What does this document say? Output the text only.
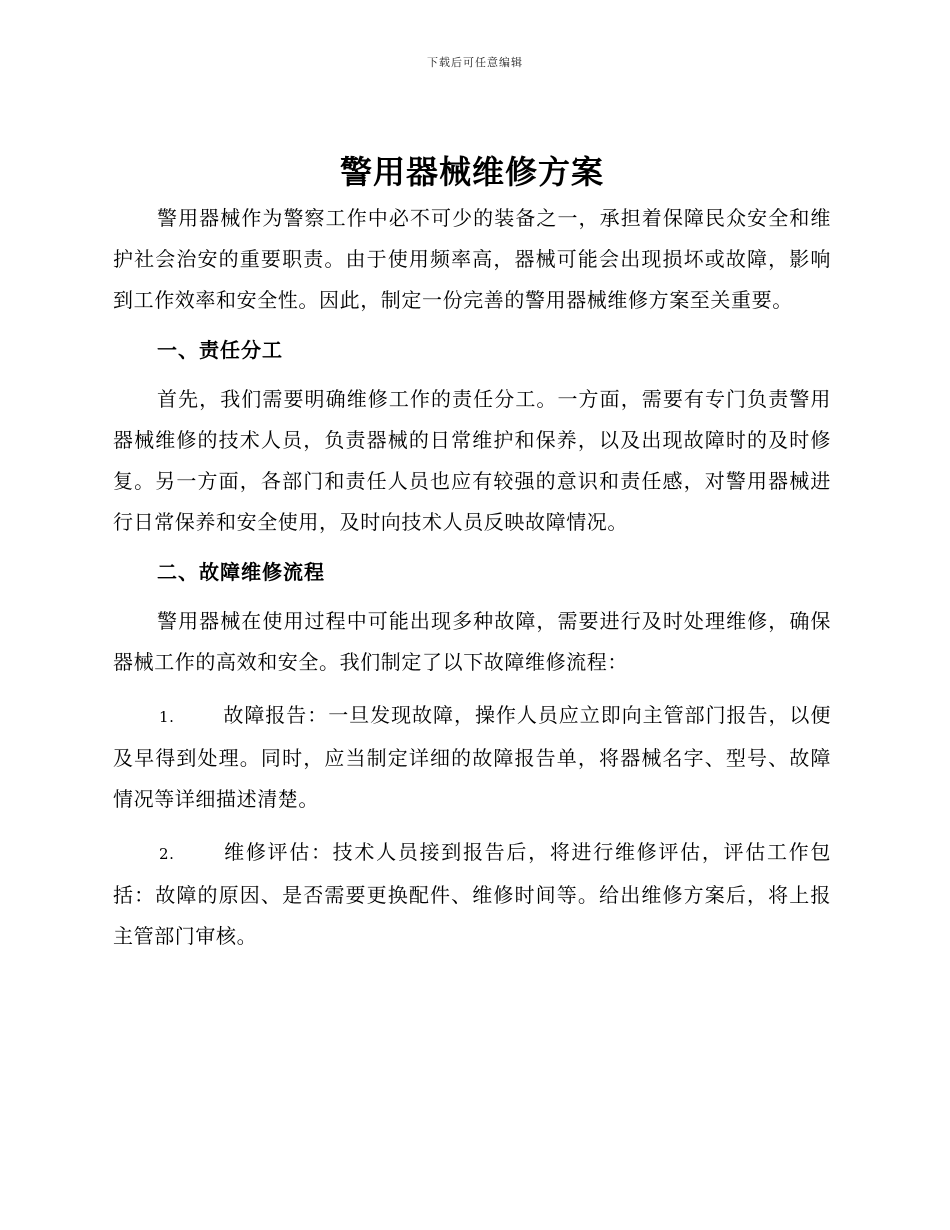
下载后可任意编辑
警用器械维修方案

警用器械作为警察工作中必不可少的装备之一，承担着保障民众安全和维护社会治安的重要职责。由于使用频率高，器械可能会出现损坏或故障，影响到工作效率和安全性。因此，制定一份完善的警用器械维修方案至关重要。

一、责任分工

首先，我们需要明确维修工作的责任分工。一方面，需要有专门负责警用器械维修的技术人员，负责器械的日常维护和保养，以及出现故障时的及时修复。另一方面，各部门和责任人员也应有较强的意识和责任感，对警用器械进行日常保养和安全使用，及时向技术人员反映故障情况。

二、故障维修流程

警用器械在使用过程中可能出现多种故障，需要进行及时处理维修，确保器械工作的高效和安全。我们制定了以下故障维修流程：

1. 故障报告：一旦发现故障，操作人员应立即向主管部门报告，以便及早得到处理。同时，应当制定详细的故障报告单，将器械名字、型号、故障情况等详细描述清楚。
2. 维修评估：技术人员接到报告后，将进行维修评估，评估工作包括：故障的原因、是否需要更换配件、维修时间等。给出维修方案后，将上报主管部门审核。
